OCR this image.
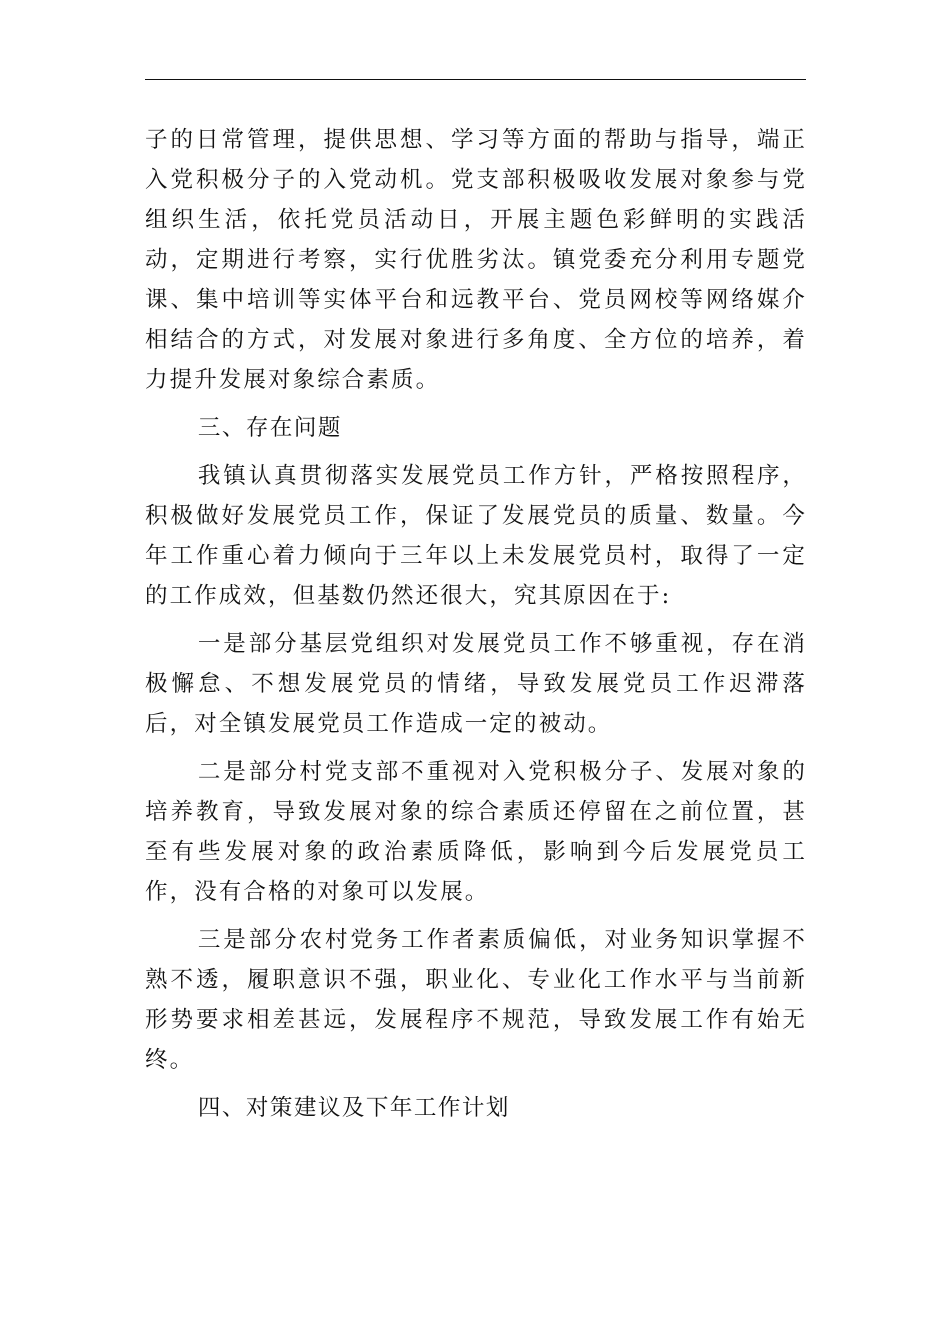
子的日常管理，提供思想、学习等方面的帮助与指导，端正入党积极分子的入党动机。党支部积极吸收发展对象参与党组织生活，依托党员活动日，开展主题色彩鲜明的实践活动，定期进行考察，实行优胜劣汰。镇党委充分利用专题党课、集中培训等实体平台和远教平台、党员网校等网络媒介相结合的方式，对发展对象进行多角度、全方位的培养，着力提升发展对象综合素质。

三、存在问题

我镇认真贯彻落实发展党员工作方针，严格按照程序，积极做好发展党员工作，保证了发展党员的质量、数量。今年工作重心着力倾向于三年以上未发展党员村，取得了一定的工作成效，但基数仍然还很大，究其原因在于:

一是部分基层党组织对发展党员工作不够重视，存在消极懈怠、不想发展党员的情绪，导致发展党员工作迟滞落后，对全镇发展党员工作造成一定的被动。

二是部分村党支部不重视对入党积极分子、发展对象的培养教育，导致发展对象的综合素质还停留在之前位置，甚至有些发展对象的政治素质降低，影响到今后发展党员工作，没有合格的对象可以发展。

三是部分农村党务工作者素质偏低，对业务知识掌握不熟不透，履职意识不强，职业化、专业化工作水平与当前新形势要求相差甚远，发展程序不规范，导致发展工作有始无终。

四、对策建议及下年工作计划
